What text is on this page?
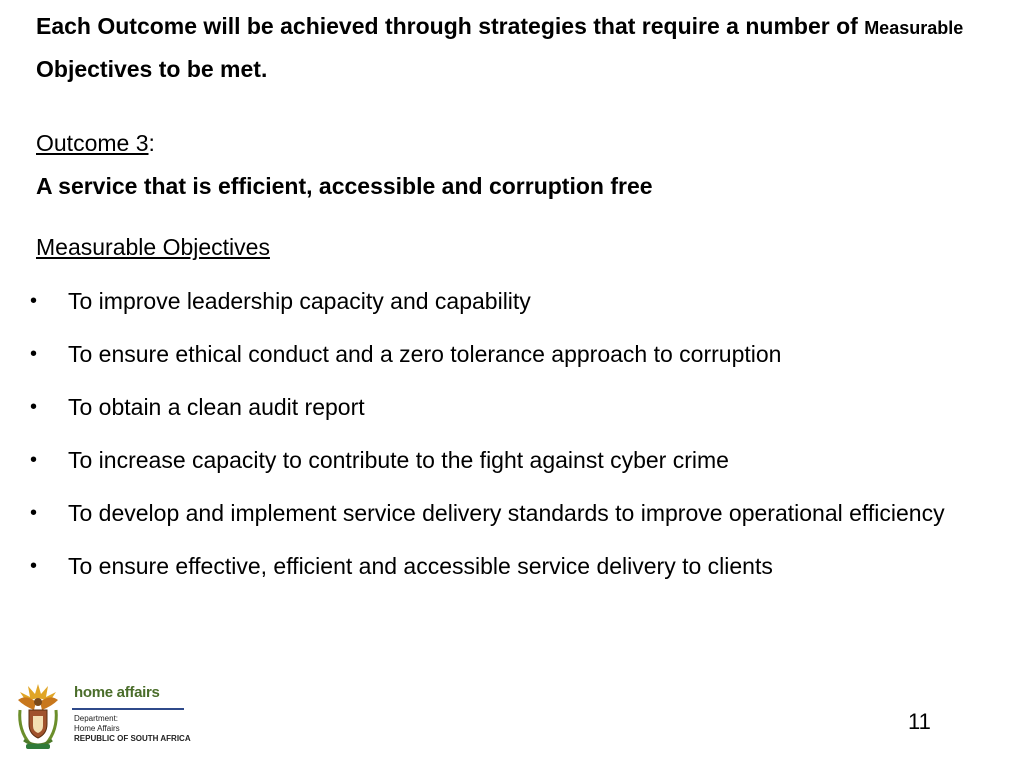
Each Outcome will be achieved through strategies that require a number of Measurable Objectives to be met.

Outcome 3:

A service that is efficient, accessible and corruption free

Measurable Objectives

• To improve leadership capacity and capability
• To ensure ethical conduct and a zero tolerance approach to corruption
• To obtain a clean audit report
• To increase capacity to contribute to the fight against cyber crime
• To develop and implement service delivery standards to improve operational efficiency
• To ensure effective, efficient and accessible service delivery to clients
home affairs
Department:
Home Affairs
REPUBLIC OF SOUTH AFRICA
11
